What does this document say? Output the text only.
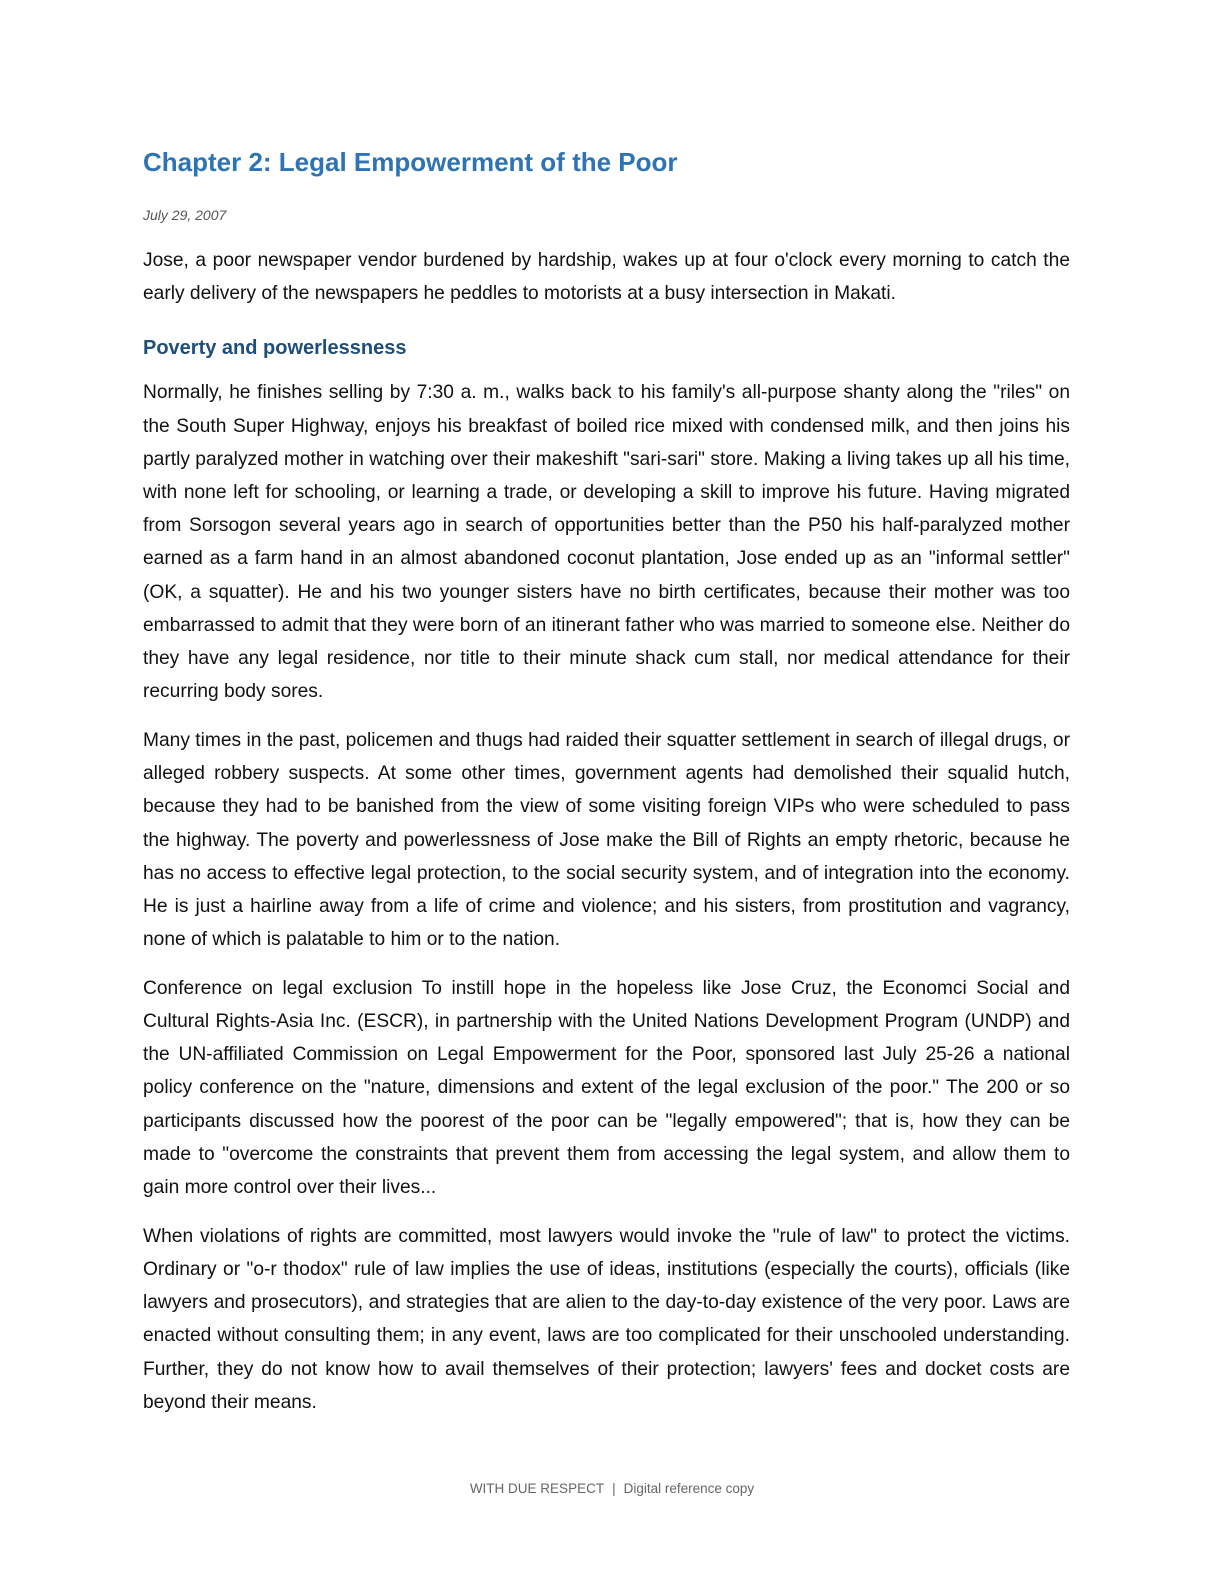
Chapter 2: Legal Empowerment of the Poor
July 29, 2007

Jose, a poor newspaper vendor burdened by hardship, wakes up at four o'clock every morning to catch the early delivery of the newspapers he peddles to motorists at a busy intersection in Makati.

Poverty and powerlessness

Normally, he finishes selling by 7:30 a. m., walks back to his family's all-purpose shanty along the "riles" on the South Super Highway, enjoys his breakfast of boiled rice mixed with condensed milk, and then joins his partly paralyzed mother in watching over their makeshift "sari-sari" store. Making a living takes up all his time, with none left for schooling, or learning a trade, or developing a skill to improve his future. Having migrated from Sorsogon several years ago in search of opportunities better than the P50 his half-paralyzed mother earned as a farm hand in an almost abandoned coconut plantation, Jose ended up as an "informal settler" (OK, a squatter). He and his two younger sisters have no birth certificates, because their mother was too embarrassed to admit that they were born of an itinerant father who was married to someone else. Neither do they have any legal residence, nor title to their minute shack cum stall, nor medical attendance for their recurring body sores.

Many times in the past, policemen and thugs had raided their squatter settlement in search of illegal drugs, or alleged robbery suspects. At some other times, government agents had demolished their squalid hutch, because they had to be banished from the view of some visiting foreign VIPs who were scheduled to pass the highway. The poverty and powerlessness of Jose make the Bill of Rights an empty rhetoric, because he has no access to effective legal protection, to the social security system, and of integration into the economy. He is just a hairline away from a life of crime and violence; and his sisters, from prostitution and vagrancy, none of which is palatable to him or to the nation.

Conference on legal exclusion To instill hope in the hopeless like Jose Cruz, the Economci Social and Cultural Rights-Asia Inc. (ESCR), in partnership with the United Nations Development Program (UNDP) and the UN-affiliated Commission on Legal Empowerment for the Poor, sponsored last July 25-26 a national policy conference on the "nature, dimensions and extent of the legal exclusion of the poor." The 200 or so participants discussed how the poorest of the poor can be "legally empowered"; that is, how they can be made to "overcome the constraints that prevent them from accessing the legal system, and allow them to gain more control over their lives...

When violations of rights are committed, most lawyers would invoke the "rule of law" to protect the victims. Ordinary or "o-r thodox" rule of law implies the use of ideas, institutions (especially the courts), officials (like lawyers and prosecutors), and strategies that are alien to the day-to-day existence of the very poor. Laws are enacted without consulting them; in any event, laws are too complicated for their unschooled understanding. Further, they do not know how to avail themselves of their protection; lawyers' fees and docket costs are beyond their means.

WITH DUE RESPECT | Digital reference copy
